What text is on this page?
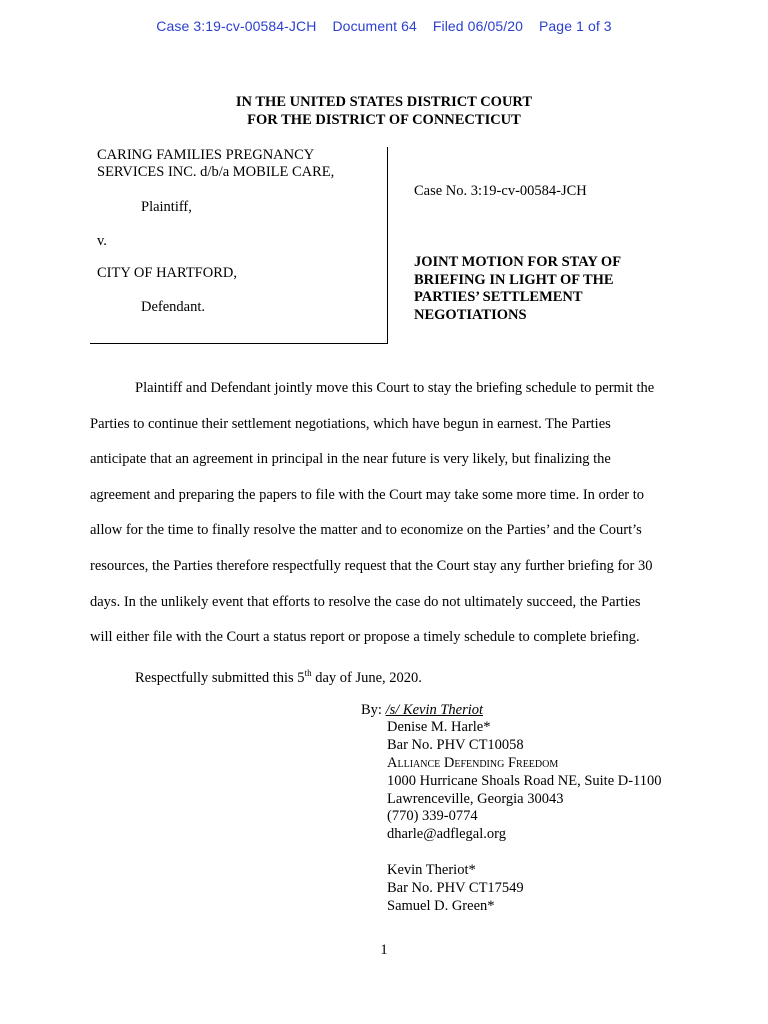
Case 3:19-cv-00584-JCH Document 64 Filed 06/05/20 Page 1 of 3
IN THE UNITED STATES DISTRICT COURT
FOR THE DISTRICT OF CONNECTICUT
CARING FAMILIES PREGNANCY
SERVICES INC. d/b/a MOBILE CARE,
Plaintiff,
v.
CITY OF HARTFORD,
Defendant.
Case No. 3:19-cv-00584-JCH
JOINT MOTION FOR STAY OF
BRIEFING IN LIGHT OF THE
PARTIES’ SETTLEMENT
NEGOTIATIONS
Plaintiff and Defendant jointly move this Court to stay the briefing schedule to permit the
Parties to continue their settlement negotiations, which have begun in earnest. The Parties
anticipate that an agreement in principal in the near future is very likely, but finalizing the
agreement and preparing the papers to file with the Court may take some more time. In order to
allow for the time to finally resolve the matter and to economize on the Parties’ and the Court’s
resources, the Parties therefore respectfully request that the Court stay any further briefing for 30
days. In the unlikely event that efforts to resolve the case do not ultimately succeed, the Parties
will either file with the Court a status report or propose a timely schedule to complete briefing.
Respectfully submitted this 5th day of June, 2020.
By: /s/ Kevin Theriot
Denise M. Harle*
Bar No. PHV CT10058
Alliance Defending Freedom
1000 Hurricane Shoals Road NE, Suite D-1100
Lawrenceville, Georgia 30043
(770) 339-0774
dharle@adflegal.org
Kevin Theriot*
Bar No. PHV CT17549
Samuel D. Green*
1
